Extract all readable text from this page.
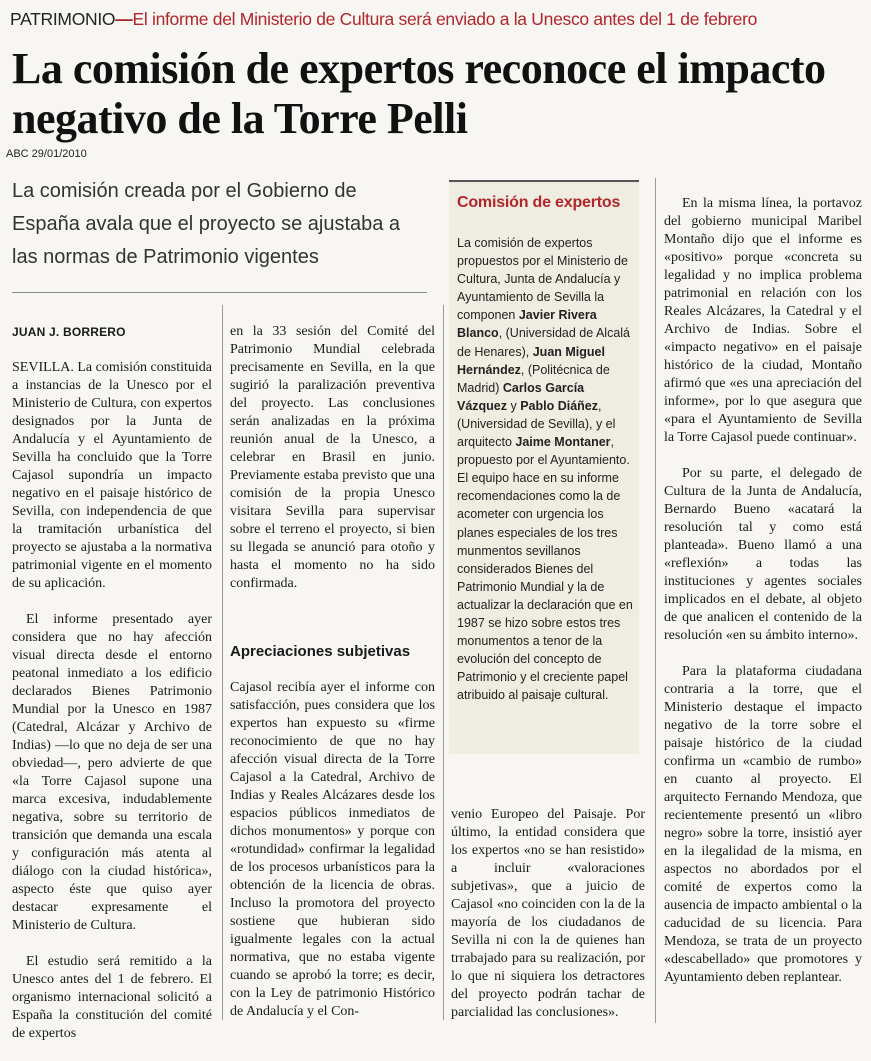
PATRIMONIO—El informe del Ministerio de Cultura será enviado a la Unesco antes del 1 de febrero
La comisión de expertos reconoce el impacto negativo de la Torre Pelli
ABC 29/01/2010

La comisión creada por el Gobierno de España avala que el proyecto se ajustaba a las normas de Patrimonio vigentes

JUAN J. BORRERO

SEVILLA. La comisión constituida a instancias de la Unesco por el Ministerio de Cultura, con expertos designados por la Junta de Andalucía y el Ayuntamiento de Sevilla ha concluido que la Torre Cajasol supondría un impacto negativo en el paisaje histórico de Sevilla, con independencia de que la tramitación urbanística del proyecto se ajustaba a la normativa patrimonial vigente en el momento de su aplicación.

El informe presentado ayer considera que no hay afección visual directa desde el entorno peatonal inmediato a los edificio declarados Bienes Patrimonio Mundial por la Unesco en 1987 (Catedral, Alcázar y Archivo de Indias) —lo que no deja de ser una obviedad—, pero advierte de que «la Torre Cajasol supone una marca excesiva, indudablemente negativa, sobre su territorio de transición que demanda una escala y configuración más atenta al diálogo con la ciudad histórica», aspecto éste que quiso ayer destacar expresamente el Ministerio de Cultura.

El estudio será remitido a la Unesco antes del 1 de febrero. El organismo internacional solicitó a España la constitución del comité de expertos

en la 33 sesión del Comité del Patrimonio Mundial celebrada precisamente en Sevilla, en la que sugirió la paralización preventiva del proyecto. Las conclusiones serán analizadas en la próxima reunión anual de la Unesco, a celebrar en Brasil en junio. Previamente estaba previsto que una comisión de la propia Unesco visitara Sevilla para supervisar sobre el terreno el proyecto, si bien su llegada se anunció para otoño y hasta el momento no ha sido confirmada.

Apreciaciones subjetivas

Cajasol recibía ayer el informe con satisfacción, pues considera que los expertos han expuesto su «firme reconocimiento de que no hay afección visual directa de la Torre Cajasol a la Catedral, Archivo de Indias y Reales Alcázares desde los espacios públicos inmediatos de dichos monumentos» y porque con «rotundidad» confirmar la legalidad de los procesos urbanísticos para la obtención de la licencia de obras. Incluso la promotora del proyecto sostiene que hubieran sido igualmente legales con la actual normativa, que no estaba vigente cuando se aprobó la torre; es decir, con la Ley de patrimonio Histórico de Andalucía y el Con-

Comisión de expertos
La comisión de expertos propuestos por el Ministerio de Cultura, Junta de Andalucía y Ayuntamiento de Sevilla la componen Javier Rivera Blanco, (Universidad de Alcalá de Henares), Juan Miguel Hernández, (Politécnica de Madrid) Carlos García Vázquez y Pablo Diáñez, (Universidad de Sevilla), y el arquitecto Jaime Montaner, propuesto por el Ayuntamiento. El equipo hace en su informe recomendaciones como la de acometer con urgencia los planes especiales de los tres munmentos sevillanos considerados Bienes del Patrimonio Mundial y la de actualizar la declaración que en 1987 se hizo sobre estos tres monumentos a tenor de la evolución del concepto de Patrimonio y el creciente papel atribuido al paisaje cultural.

venio Europeo del Paisaje. Por último, la entidad considera que los expertos «no se han resistido» a incluir «valoraciones subjetivas», que a juicio de Cajasol «no coinciden con la de la mayoría de los ciudadanos de Sevilla ni con la de quienes han trrabajado para su realización, por lo que ni siquiera los detractores del proyecto podrán tachar de parcialidad las conclusiones».

En la misma línea, la portavoz del gobierno municipal Maribel Montaño dijo que el informe es «positivo» porque «concreta su legalidad y no implica problema patrimonial en relación con los Reales Alcázares, la Catedral y el Archivo de Indias. Sobre el «impacto negativo» en el paisaje histórico de la ciudad, Montaño afirmó que «es una apreciación del informe», por lo que asegura que «para el Ayuntamiento de Sevilla la Torre Cajasol puede continuar».

Por su parte, el delegado de Cultura de la Junta de Andalucía, Bernardo Bueno «acatará la resolución tal y como está planteada». Bueno llamó a una «reflexión» a todas las instituciones y agentes sociales implicados en el debate, al objeto de que analicen el contenido de la resolución «en su ámbito interno».

Para la plataforma ciudadana contraria a la torre, que el Ministerio destaque el impacto negativo de la torre sobre el paisaje histórico de la ciudad confirma un «cambio de rumbo» en cuanto al proyecto. El arquitecto Fernando Mendoza, que recientemente presentó un «libro negro» sobre la torre, insistió ayer en la ilegalidad de la misma, en aspectos no abordados por el comité de expertos como la ausencia de impacto ambiental o la caducidad de su licencia. Para Mendoza, se trata de un proyecto «descabellado» que promotores y Ayuntamiento deben replantear.
